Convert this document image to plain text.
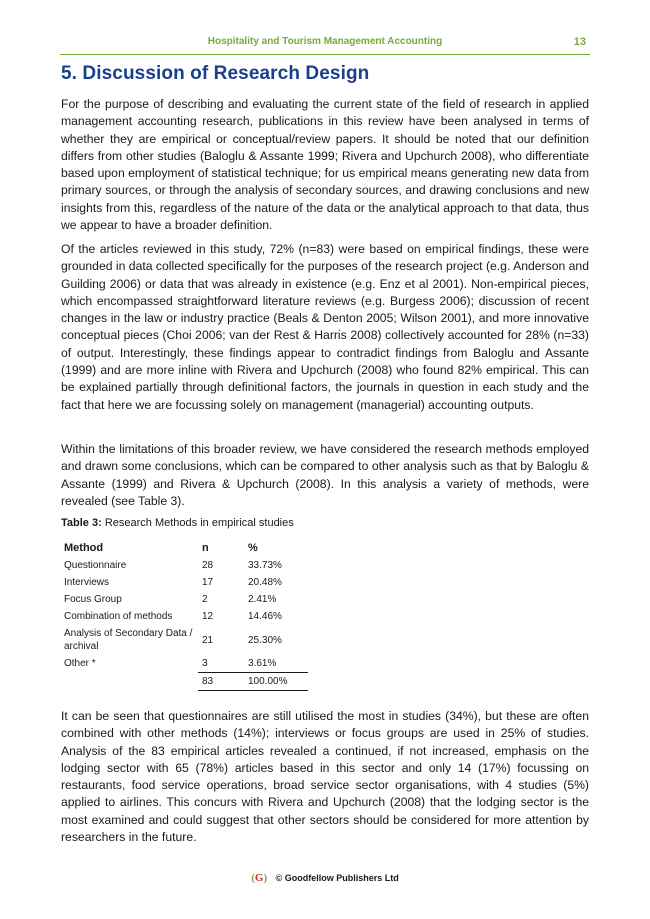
Hospitality and Tourism Management Accounting	13
5. Discussion of Research Design

For the purpose of describing and evaluating the current state of the field of research in applied management accounting research, publications in this review have been analysed in terms of whether they are empirical or conceptual/review papers. It should be noted that our definition differs from other studies (Baloglu & Assante 1999; Rivera and Upchurch 2008), who differentiate based upon employment of statistical technique; for us empirical means generating new data from primary sources, or through the analysis of secondary sources, and drawing conclusions and new insights from this, regardless of the nature of the data or the analytical approach to that data, thus we appear to have a broader definition.

Of the articles reviewed in this study, 72% (n=83) were based on empirical findings, these were grounded in data collected specifically for the purposes of the research project (e.g. Anderson and Guilding 2006) or data that was already in existence (e.g. Enz et al 2001). Non-empirical pieces, which encompassed straightforward literature reviews (e.g. Burgess 2006); discussion of recent changes in the law or industry practice (Beals & Denton 2005; Wilson 2001), and more innovative conceptual pieces (Choi 2006; van der Rest & Harris 2008) collectively accounted for 28% (n=33) of output. Interestingly, these findings appear to contradict findings from Baloglu and Assante (1999) and are more inline with Rivera and Upchurch (2008) who found 82% empirical. This can be explained partially through definitional factors, the journals in question in each study and the fact that here we are focussing solely on management (managerial) accounting outputs.

Within the limitations of this broader review, we have considered the research methods employed and drawn some conclusions, which can be compared to other analysis such as that by Baloglu & Assante (1999) and Rivera & Upchurch (2008). In this analysis a variety of methods, were revealed (see Table 3).

Table 3: Research Methods in empirical studies

Method	n	%
Questionnaire	28	33.73%
Interviews	17	20.48%
Focus Group	2	2.41%
Combination of methods	12	14.46%
Analysis of Secondary Data / archival	21	25.30%
Other *	3	3.61%
	83	100.00%

It can be seen that questionnaires are still utilised the most in studies (34%), but these are often combined with other methods (14%); interviews or focus groups are used in 25% of studies. Analysis of the 83 empirical articles revealed a continued, if not increased, emphasis on the lodging sector with 65 (78%) articles based in this sector and only 14 (17%) focussing on restaurants, food service operations, broad service sector organisations, with 4 studies (5%) applied to airlines. This concurs with Rivera and Upchurch (2008) that the lodging sector is the most examined and could suggest that other sectors should be considered for more attention by researchers in the future.

(G) © Goodfellow Publishers Ltd
